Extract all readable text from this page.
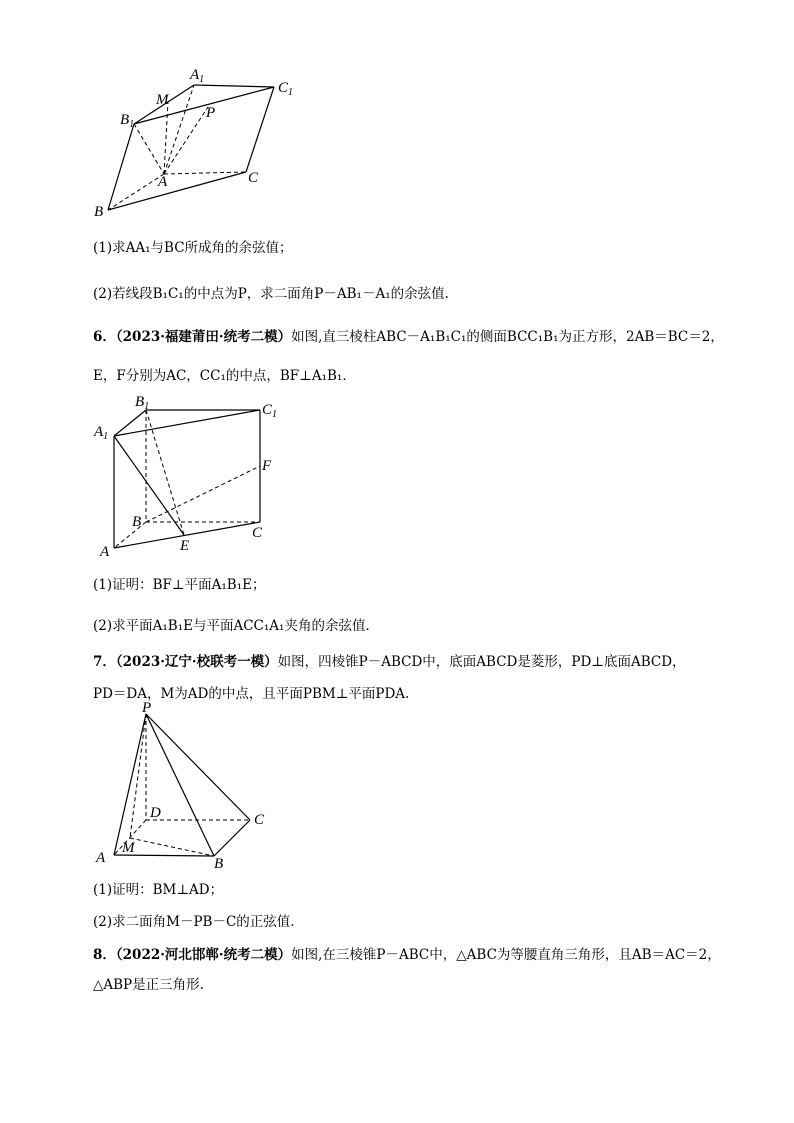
$A_1$
$C_1$
M
$B_1$
P
A	C
B
(1)求AA₁与BC所成角的余弦值；
(2)若线段B₁C₁的中点为P，求二面角P－AB₁－A₁的余弦值.
6．（2023·福建莆田·统考二模）如图,直三棱柱ABC－A₁B₁C₁的侧面BCC₁B₁为正方形，2AB＝BC＝2，
E，F分别为AC，CC₁的中点，BF⊥A₁B₁．
$B_1$	$C_1$
$A_1$
F
B
C
A	E
(1)证明：BF⊥平面A₁B₁E；
(2)求平面A₁B₁E与平面ACC₁A₁夹角的余弦值．
7．（2023·辽宁·校联考一模）如图，四棱锥P－ABCD中，底面ABCD是菱形，PD⊥底面ABCD，
PD＝DA，M为AD的中点，且平面PBM⊥平面PDA.
P
D	C
M
A	B
(1)证明：BM⊥AD；
(2)求二面角M－PB－C的正弦值.
8．（2022·河北邯郸·统考二模）如图,在三棱锥P－ABC中，△ABC为等腰直角三角形，且AB＝AC＝2，
△ABP是正三角形.
